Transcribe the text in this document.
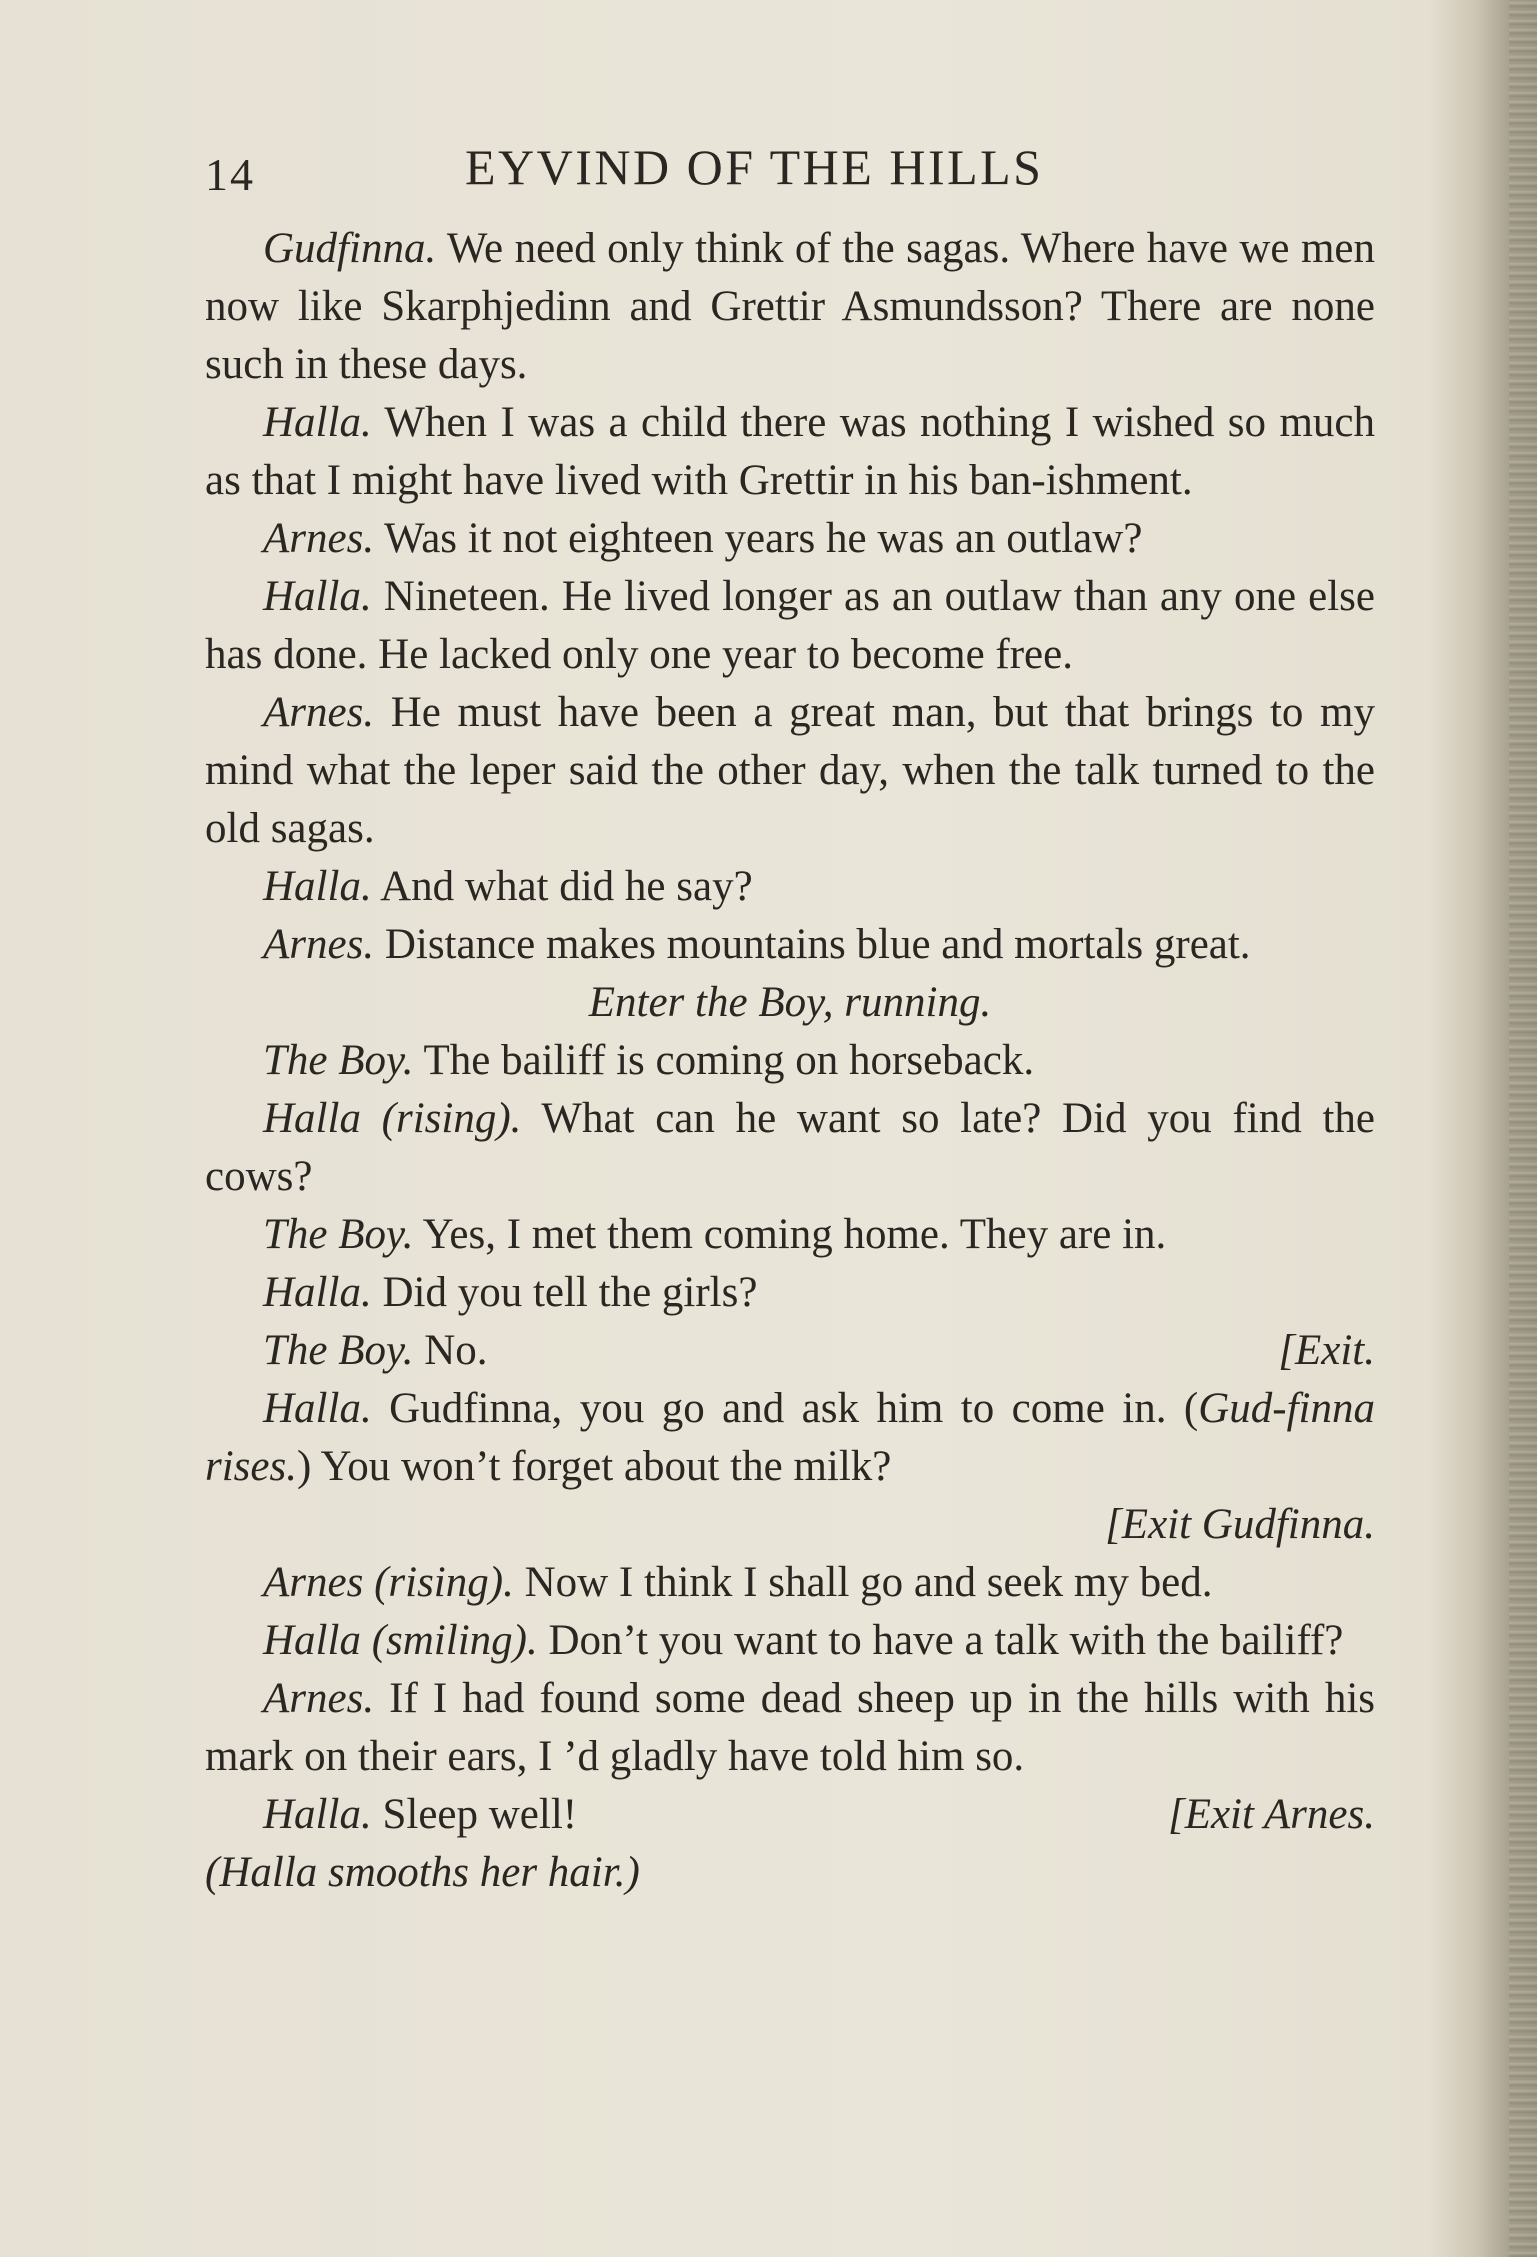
14	EYVIND OF THE HILLS

Gudfinna. We need only think of the sagas. Where have we men now like Skarphjedinn and Grettir Asmundsson? There are none such in these days.

Halla. When I was a child there was nothing I wished so much as that I might have lived with Grettir in his ban-ishment.

Arnes. Was it not eighteen years he was an outlaw?

Halla. Nineteen. He lived longer as an outlaw than any one else has done. He lacked only one year to become free.

Arnes. He must have been a great man, but that brings to my mind what the leper said the other day, when the talk turned to the old sagas.

Halla. And what did he say?

Arnes. Distance makes mountains blue and mortals great.

Enter the Boy, running.

The Boy. The bailiff is coming on horseback.

Halla (rising). What can he want so late? Did you find the cows?

The Boy. Yes, I met them coming home. They are in.

Halla. Did you tell the girls?

[Exit.
The Boy. No.

Halla. Gudfinna, you go and ask him to come in. (Gud-finna rises.) You won’t forget about the milk?

[Exit Gudfinna.

Arnes (rising). Now I think I shall go and seek my bed.

Halla (smiling). Don’t you want to have a talk with the bailiff?

Arnes. If I had found some dead sheep up in the hills with his mark on their ears, I ’d gladly have told him so.

[Exit Arnes.
Halla. Sleep well!

(Halla smooths her hair.)
